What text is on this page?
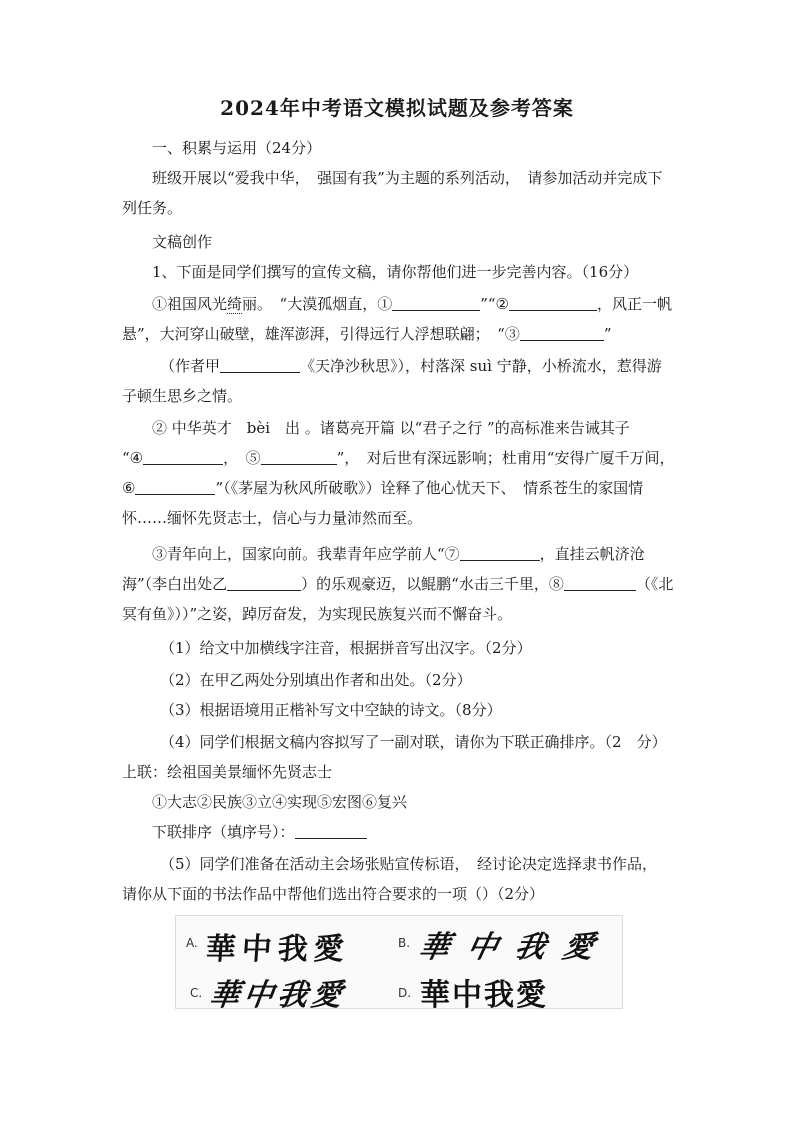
2024年中考语文模拟试题及参考答案
一、积累与运用（24分）
班级开展以“爱我中华，　强国有我”为主题的系列活动，　请参加活动并完成下
列任务。
文稿创作
1、下面是同学们撰写的宣传文稿，请你帮他们进一步完善内容。（16分）
①祖国风光绮丽。　“大漠孤烟直，①	”“②	，风正一帆
悬”，大河穿山破壁，雄浑澎湃，引得远行人浮想联翩；　“③	”
（作者甲	《天净沙秋思》），村落深 suì 宁静，小桥流水，惹得游
子顿生思乡之情。
② 中华英才　bèi　出 。诸葛亮开篇 以“君子之行 ”的高标准来告诫其子
“④	，　⑤	”，　对后世有深远影响；杜甫用“安得广厦千万间，
⑥	”（《茅屋为秋风所破歌》）诠释了他心忧天下、　情系苍生的家国情
怀……缅怀先贤志士，信心与力量沛然而至。
③青年向上，国家向前。我辈青年应学前人“⑦	，直挂云帆济沧
海”（李白出处乙	）的乐观豪迈，以鲲鹏“水击三千里，⑧	（《北
冥有鱼》））”之姿，踔厉奋发，为实现民族复兴而不懈奋斗。
（1）给文中加横线字注音，根据拼音写出汉字。（2分）
（2）在甲乙两处分别填出作者和出处。（2分）
（3）根据语境用正楷补写文中空缺的诗文。（8分）
（4）同学们根据文稿内容拟写了一副对联，请你为下联正确排序。（2　分）
上联：绘祖国美景缅怀先贤志士
①大志②民族③立④实现⑤宏图⑥复兴
下联排序（填序号）：
（5）同学们准备在活动主会场张贴宣传标语，　经讨论决定选择隶书作品，
请你从下面的书法作品中帮他们选出符合要求的一项（）（2分）
A. 華中我愛	B. 華中我愛
C. 華中我愛	D. 華中我愛
